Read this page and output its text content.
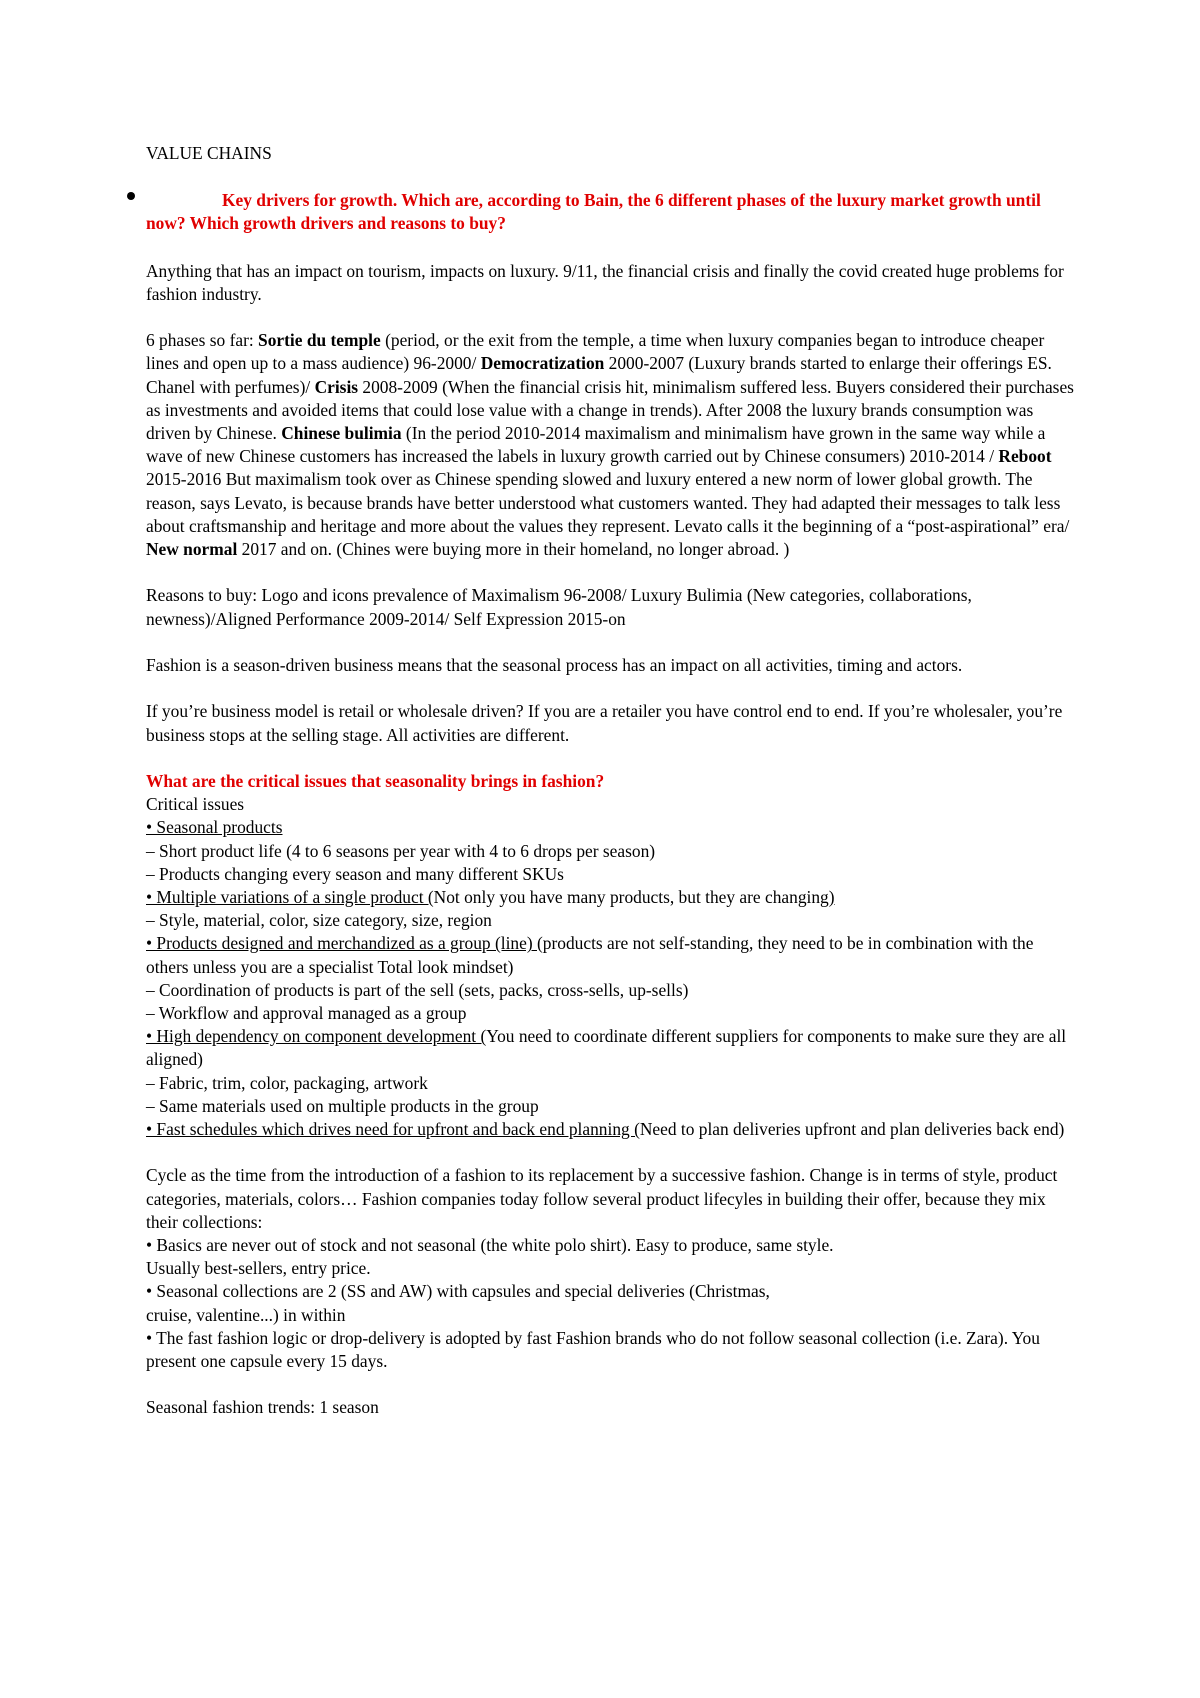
VALUE CHAINS
Key drivers for growth. Which are, according to Bain, the 6 different phases of the luxury market growth until now? Which growth drivers and reasons to buy?

Anything that has an impact on tourism, impacts on luxury. 9/11, the financial crisis and finally the covid created huge problems for fashion industry.

6 phases so far: Sortie du temple (period, or the exit from the temple, a time when luxury companies began to introduce cheaper lines and open up to a mass audience) 96-2000/ Democratization 2000-2007 (Luxury brands started to enlarge their offerings ES. Chanel with perfumes)/ Crisis 2008-2009 (When the financial crisis hit, minimalism suffered less. Buyers considered their purchases as investments and avoided items that could lose value with a change in trends). After 2008 the luxury brands consumption was driven by Chinese. Chinese bulimia (In the period 2010-2014 maximalism and minimalism have grown in the same way while a wave of new Chinese customers has increased the labels in luxury growth carried out by Chinese consumers) 2010-2014 / Reboot 2015-2016 But maximalism took over as Chinese spending slowed and luxury entered a new norm of lower global growth. The reason, says Levato, is because brands have better understood what customers wanted. They had adapted their messages to talk less about craftsmanship and heritage and more about the values they represent. Levato calls it the beginning of a “post-aspirational” era/ New normal 2017 and on. (Chines were buying more in their homeland, no longer abroad. )

Reasons to buy: Logo and icons prevalence of Maximalism 96-2008/ Luxury Bulimia (New categories, collaborations, newness)/Aligned Performance 2009-2014/ Self Expression 2015-on

Fashion is a season-driven business means that the seasonal process has an impact on all activities, timing and actors.

If you’re business model is retail or wholesale driven? If you are a retailer you have control end to end. If you’re wholesaler, you’re business stops at the selling stage. All activities are different.

What are the critical issues that seasonality brings in fashion?
Critical issues
• Seasonal products
– Short product life (4 to 6 seasons per year with 4 to 6 drops per season)
– Products changing every season and many different SKUs
• Multiple variations of a single product (Not only you have many products, but they are changing)
– Style, material, color, size category, size, region
• Products designed and merchandized as a group (line) (products are not self-standing, they need to be in combination with the others unless you are a specialist Total look mindset)
– Coordination of products is part of the sell (sets, packs, cross-sells, up-sells)
– Workflow and approval managed as a group
• High dependency on component development (You need to coordinate different suppliers for components to make sure they are all aligned)
– Fabric, trim, color, packaging, artwork
– Same materials used on multiple products in the group
• Fast schedules which drives need for upfront and back end planning (Need to plan deliveries upfront and plan deliveries back end)
Cycle as the time from the introduction of a fashion to its replacement by a successive fashion. Change is in terms of style, product categories, materials, colors… Fashion companies today follow several product lifecyles in building their offer, because they mix their collections:
• Basics are never out of stock and not seasonal (the white polo shirt). Easy to produce, same style.
Usually best-sellers, entry price.
• Seasonal collections are 2 (SS and AW) with capsules and special deliveries (Christmas,
cruise, valentine...) in within
• The fast fashion logic or drop-delivery is adopted by fast Fashion brands who do not follow seasonal collection (i.e. Zara). You present one capsule every 15 days.

Seasonal fashion trends: 1 season
